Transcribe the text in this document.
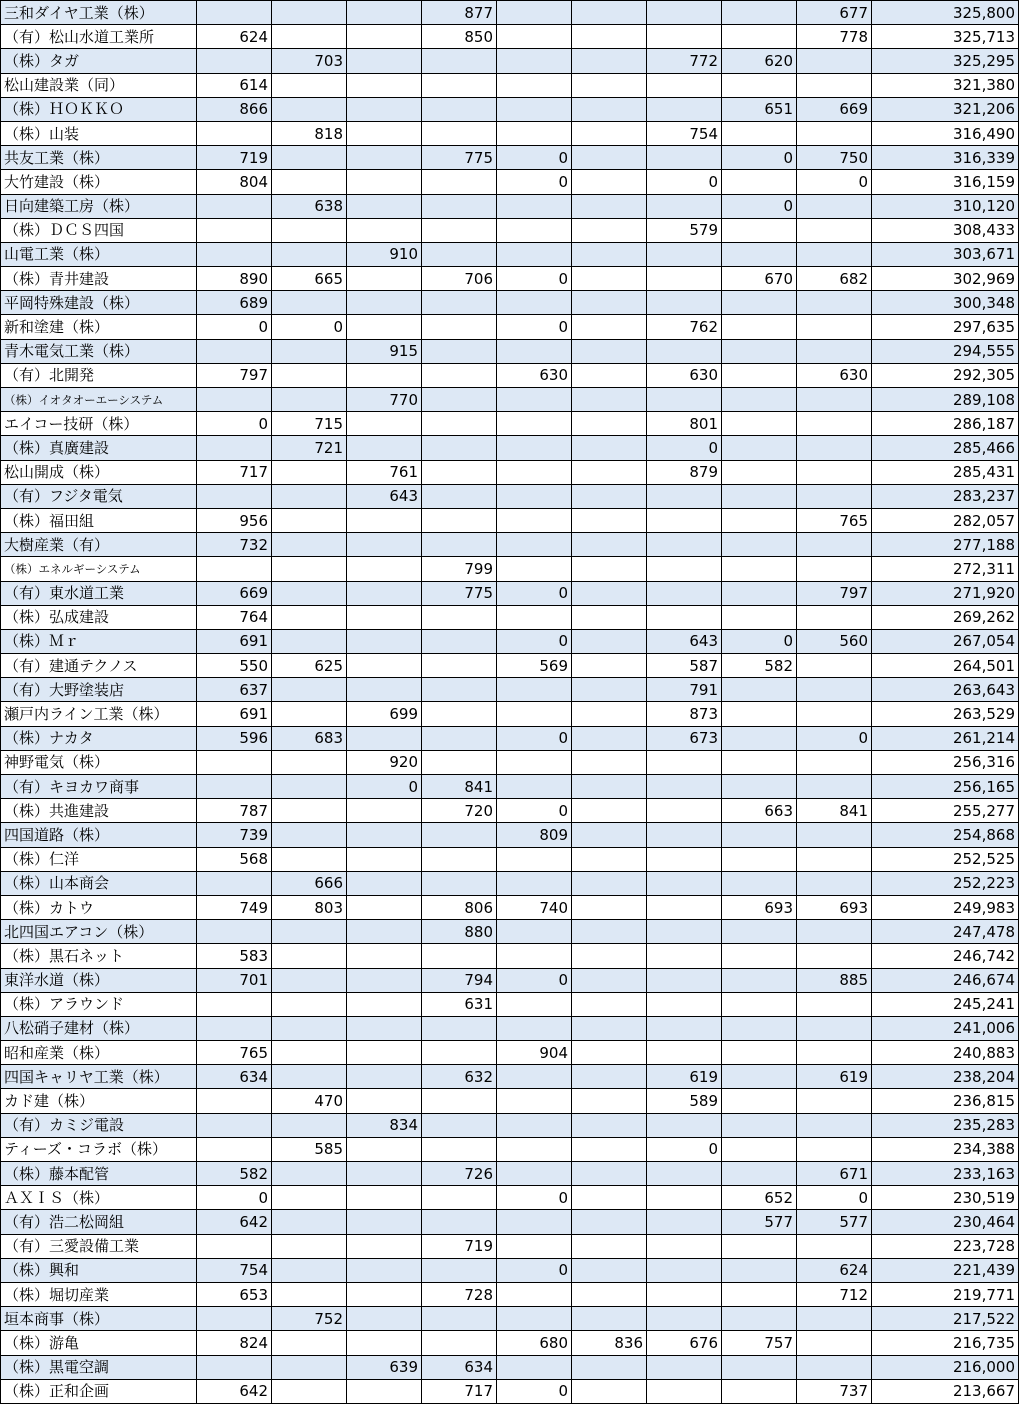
三和ダイヤ工業（株）				877					677	325,800
（有）松山水道工業所	624			850					778	325,713
（株）タガ		703					772	620		325,295
松山建設業（同）	614									321,380
（株）ＨＯＫＫＯ	866							651	669	321,206
（株）山装		818					754			316,490
共友工業（株）	719			775	0			0	750	316,339
大竹建設（株）	804				0		0		0	316,159
日向建築工房（株）		638						0		310,120
（株）ＤＣＳ四国							579			308,433
山電工業（株）			910							303,671
（株）青井建設	890	665		706	0			670	682	302,969
平岡特殊建設（株）	689									300,348
新和塗建（株）	0	0			0		762			297,635
青木電気工業（株）			915							294,555
（有）北開発	797				630		630		630	292,305
（株）イオタオーエーシステム			770							289,108
エイコー技研（株）	0	715					801			286,187
（株）真廣建設		721					0			285,466
松山開成（株）	717		761				879			285,431
（有）フジタ電気			643							283,237
（株）福田組	956								765	282,057
大樹産業（有）	732									277,188
（株）エネルギーシステム				799						272,311
（有）東水道工業	669			775	0				797	271,920
（株）弘成建設	764									269,262
（株）Ｍｒ	691				0		643	0	560	267,054
（有）建通テクノス	550	625			569		587	582		264,501
（有）大野塗装店	637						791			263,643
瀬戸内ライン工業（株）	691		699				873			263,529
（株）ナカタ	596	683			0		673		0	261,214
神野電気（株）			920							256,316
（有）キヨカワ商事			0	841						256,165
（株）共進建設	787			720	0			663	841	255,277
四国道路（株）	739				809					254,868
（株）仁洋	568									252,525
（株）山本商会		666								252,223
（株）カトウ	749	803		806	740			693	693	249,983
北四国エアコン（株）				880						247,478
（株）黒石ネット	583									246,742
東洋水道（株）	701			794	0				885	246,674
（株）アラウンド				631						245,241
八松硝子建材（株）										241,006
昭和産業（株）	765				904					240,883
四国キャリヤ工業（株）	634			632			619		619	238,204
カド建（株）		470					589			236,815
（有）カミジ電設			834							235,283
ティーズ・コラボ（株）		585					0			234,388
（株）藤本配管	582			726					671	233,163
ＡＸＩＳ（株）	0				0			652	0	230,519
（有）浩二松岡組	642							577	577	230,464
（有）三愛設備工業				719						223,728
（株）興和	754				0				624	221,439
（株）堀切産業	653			728					712	219,771
垣本商事（株）		752								217,522
（株）游亀	824				680	836	676	757		216,735
（株）黒電空調			639	634						216,000
（株）正和企画	642			717	0				737	213,667
